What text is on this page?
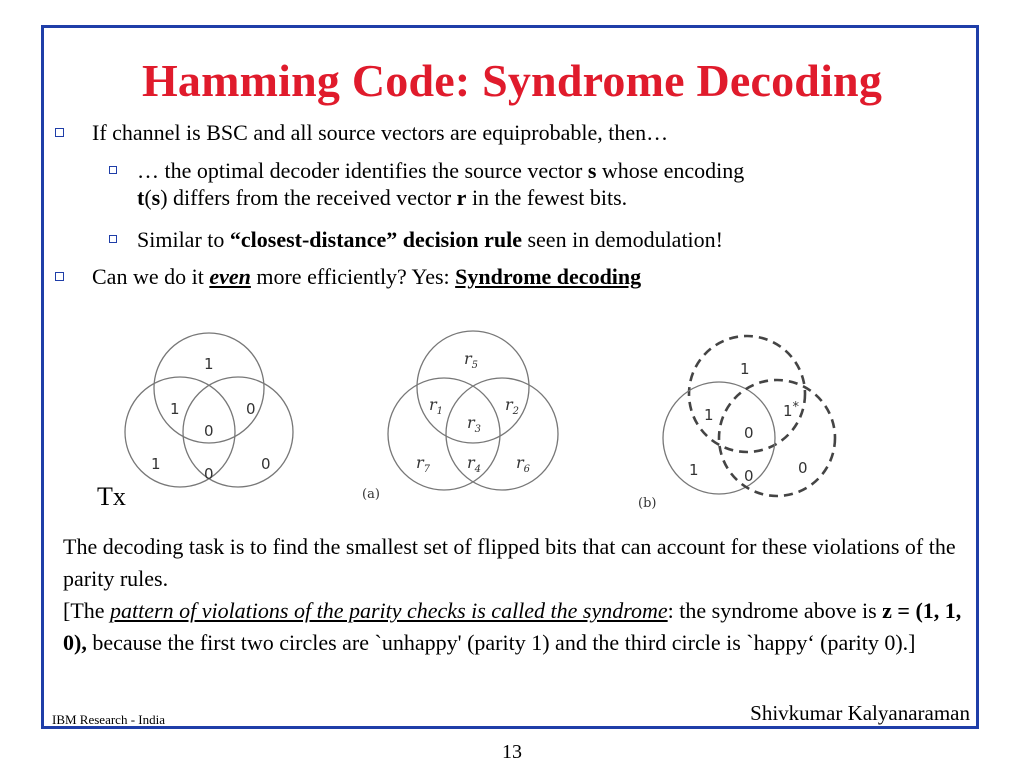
Hamming Code: Syndrome Decoding
If channel is BSC and all source vectors are equiprobable, then…
… the optimal decoder identifies the source vector s whose encoding
t(s) differs from the received vector r in the fewest bits.
Similar to “closest-distance” decision rule seen in demodulation!
Can we do it even more efficiently? Yes: Syndrome decoding
1
1	0
0
1
0
0
Tx
$r_5$
$r_1$	$r_2$
$r_3$
$r_7$ $r_4$ $r_6$
(a)
1
1	1*
0
1	0	0
(b)
The decoding task is to find the smallest set of flipped bits that can account for these violations of the parity rules.
[The pattern of violations of the parity checks is called the syndrome: the syndrome above is z = (1, 1, 0), because the first two circles are `unhappy' (parity 1) and the third circle is `happy‘ (parity 0).]
IBM Research - India	Shivkumar Kalyanaraman
13
